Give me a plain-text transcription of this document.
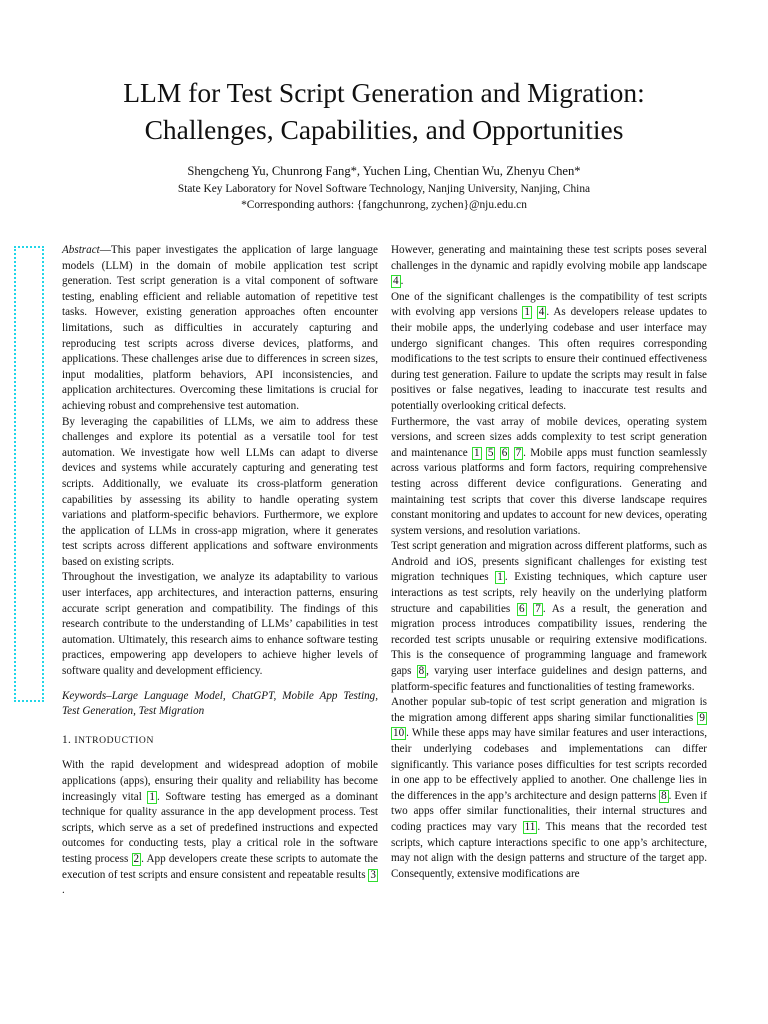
LLM for Test Script Generation and Migration:
Challenges, Capabilities, and Opportunities
Shengcheng Yu, Chunrong Fang*, Yuchen Ling, Chentian Wu, Zhenyu Chen*
State Key Laboratory for Novel Software Technology, Nanjing University, Nanjing, China
*Corresponding authors: {fangchunrong, zychen}@nju.edu.cn

Abstract—This paper investigates the application of large language models (LLM) in the domain of mobile application test script generation. Test script generation is a vital component of software testing, enabling efficient and reliable automation of repetitive test tasks. However, existing generation approaches often encounter limitations, such as difficulties in accurately capturing and reproducing test scripts across diverse devices, platforms, and applications. These challenges arise due to differences in screen sizes, input modalities, platform behaviors, API inconsistencies, and application architectures. Overcoming these limitations is crucial for achieving robust and comprehensive test automation.

By leveraging the capabilities of LLMs, we aim to address these challenges and explore its potential as a versatile tool for test automation. We investigate how well LLMs can adapt to diverse devices and systems while accurately capturing and generating test scripts. Additionally, we evaluate its cross-platform generation capabilities by assessing its ability to handle operating system variations and platform-specific behaviors. Furthermore, we explore the application of LLMs in cross-app migration, where it generates test scripts across different applications and software environments based on existing scripts.

Throughout the investigation, we analyze its adaptability to various user interfaces, app architectures, and interaction patterns, ensuring accurate script generation and compatibility. The findings of this research contribute to the understanding of LLMs’ capabilities in test automation. Ultimately, this research aims to enhance software testing practices, empowering app developers to achieve higher levels of software quality and development efficiency.

Keywords–Large Language Model, ChatGPT, Mobile App Testing, Test Generation, Test Migration

1. INTRODUCTION

With the rapid development and widespread adoption of mobile applications (apps), ensuring their quality and reliability has become increasingly vital 1 . Software testing has emerged as a dominant technique for quality assurance in the app development process. Test scripts, which serve as a set of predefined instructions and expected outcomes for conducting tests, play a critical role in the software testing process 2 . App developers create these scripts to automate the execution of test scripts and ensure consistent and repeatable results 3.

However, generating and maintaining these test scripts poses several challenges in the dynamic and rapidly evolving mobile app landscape 4 .

One of the significant challenges is the compatibility of test scripts with evolving app versions 1 4 . As developers release updates to their mobile apps, the underlying codebase and user interface may undergo significant changes. This often requires corresponding modifications to the test scripts to ensure their continued effectiveness during test generation. Failure to update the scripts may result in false positives or false negatives, leading to inaccurate test results and potentially overlooking critical defects.

Furthermore, the vast array of mobile devices, operating system versions, and screen sizes adds complexity to test script generation and maintenance 1 5 6 7 . Mobile apps must function seamlessly across various platforms and form factors, requiring comprehensive testing across different device configurations. Generating and maintaining test scripts that cover this diverse landscape requires constant monitoring and updates to account for new devices, operating system versions, and resolution variations.

Test script generation and migration across different platforms, such as Android and iOS, presents significant challenges for existing test migration techniques 1 . Existing techniques, which capture user interactions as test scripts, rely heavily on the underlying platform structure and capabilities 6 7 . As a result, the generation and migration process introduces compatibility issues, rendering the recorded test scripts unusable or requiring extensive modifications. This is the consequence of programming language and framework gaps 8 , varying user interface guidelines and design patterns, and platform-specific features and functionalities of testing frameworks.

Another popular sub-topic of test script generation and migration is the migration among different apps sharing similar functionalities 9 10 . While these apps may have similar features and user interactions, their underlying codebases and implementations can differ significantly. This variance poses difficulties for test scripts recorded in one app to be effectively applied to another. One challenge lies in the differences in the app’s architecture and design patterns 8 . Even if two apps offer similar functionalities, their internal structures and coding practices may vary 11 . This means that the recorded test scripts, which capture interactions specific to one app’s architecture, may not align with the design patterns and structure of the target app. Consequently, extensive modifications are
